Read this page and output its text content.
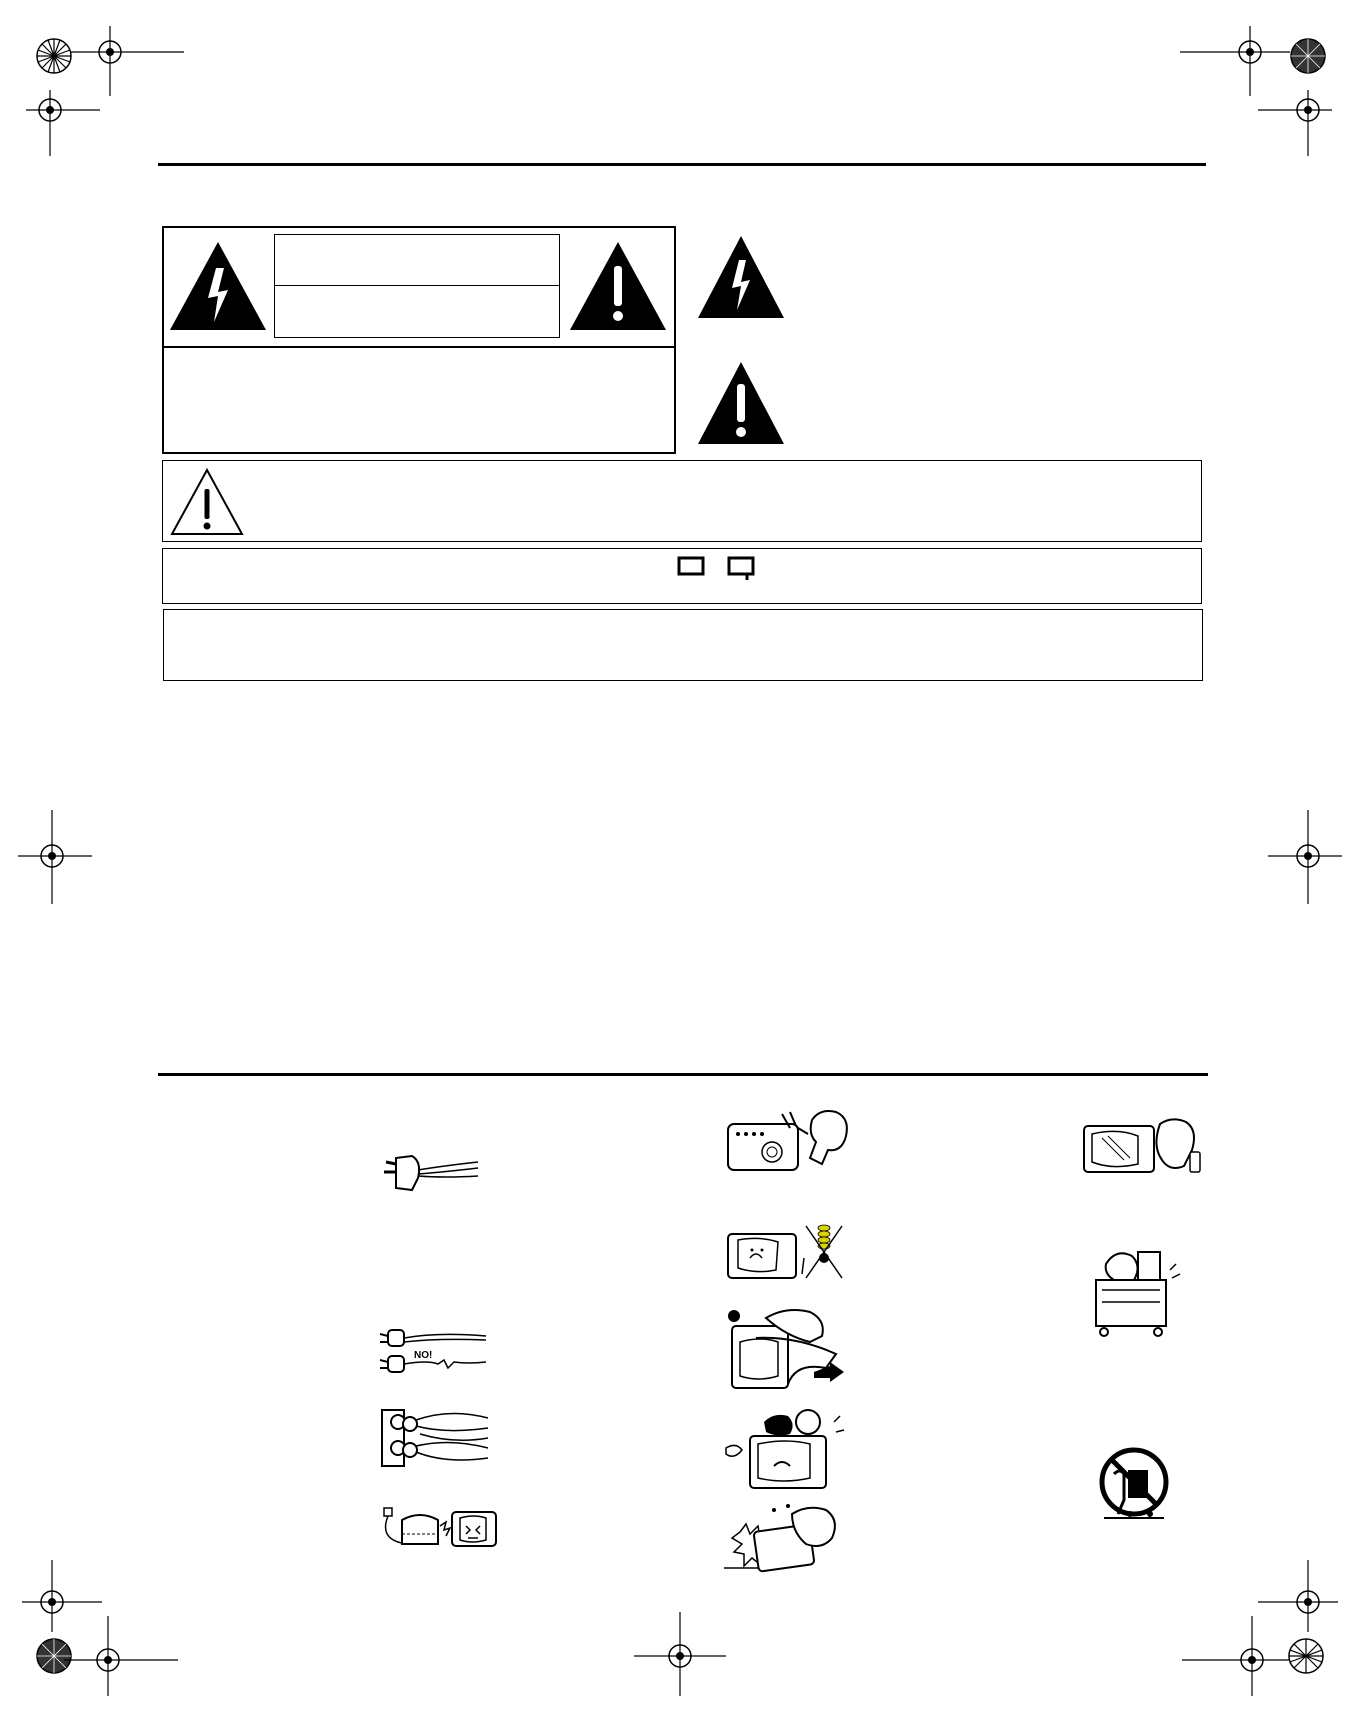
NO!
